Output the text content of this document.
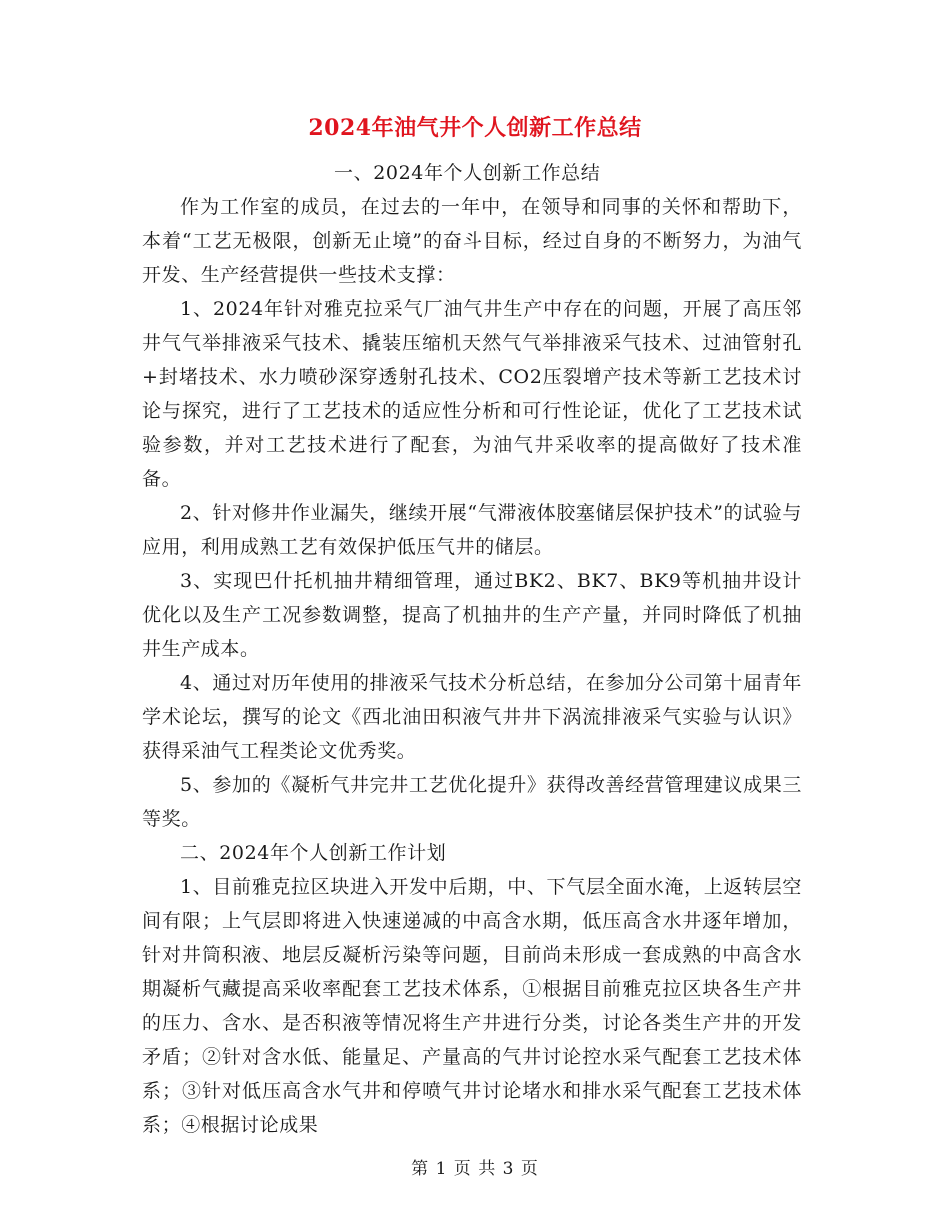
2024年油气井个人创新工作总结

一、2024年个人创新工作总结

作为工作室的成员，在过去的一年中，在领导和同事的关怀和帮助下，本着“工艺无极限，创新无止境”的奋斗目标，经过自身的不断努力，为油气开发、生产经营提供一些技术支撑：

1、2024年针对雅克拉采气厂油气井生产中存在的问题，开展了高压邻井气气举排液采气技术、撬装压缩机天然气气举排液采气技术、过油管射孔+封堵技术、水力喷砂深穿透射孔技术、CO2压裂增产技术等新工艺技术讨论与探究，进行了工艺技术的适应性分析和可行性论证，优化了工艺技术试验参数，并对工艺技术进行了配套，为油气井采收率的提高做好了技术准备。

2、针对修井作业漏失，继续开展“气滞液体胶塞储层保护技术”的试验与应用，利用成熟工艺有效保护低压气井的储层。

3、实现巴什托机抽井精细管理，通过BK2、BK7、BK9等机抽井设计优化以及生产工况参数调整，提高了机抽井的生产产量，并同时降低了机抽井生产成本。

4、通过对历年使用的排液采气技术分析总结，在参加分公司第十届青年学术论坛，撰写的论文《西北油田积液气井井下涡流排液采气实验与认识》获得采油气工程类论文优秀奖。

5、参加的《凝析气井完井工艺优化提升》获得改善经营管理建议成果三等奖。

二、2024年个人创新工作计划

1、目前雅克拉区块进入开发中后期，中、下气层全面水淹，上返转层空间有限；上气层即将进入快速递减的中高含水期，低压高含水井逐年增加，针对井筒积液、地层反凝析污染等问题，目前尚未形成一套成熟的中高含水期凝析气藏提高采收率配套工艺技术体系，①根据目前雅克拉区块各生产井的压力、含水、是否积液等情况将生产井进行分类，讨论各类生产井的开发矛盾；②针对含水低、能量足、产量高的气井讨论控水采气配套工艺技术体系；③针对低压高含水气井和停喷气井讨论堵水和排水采气配套工艺技术体系；④根据讨论成果

第 1 页 共 3 页
